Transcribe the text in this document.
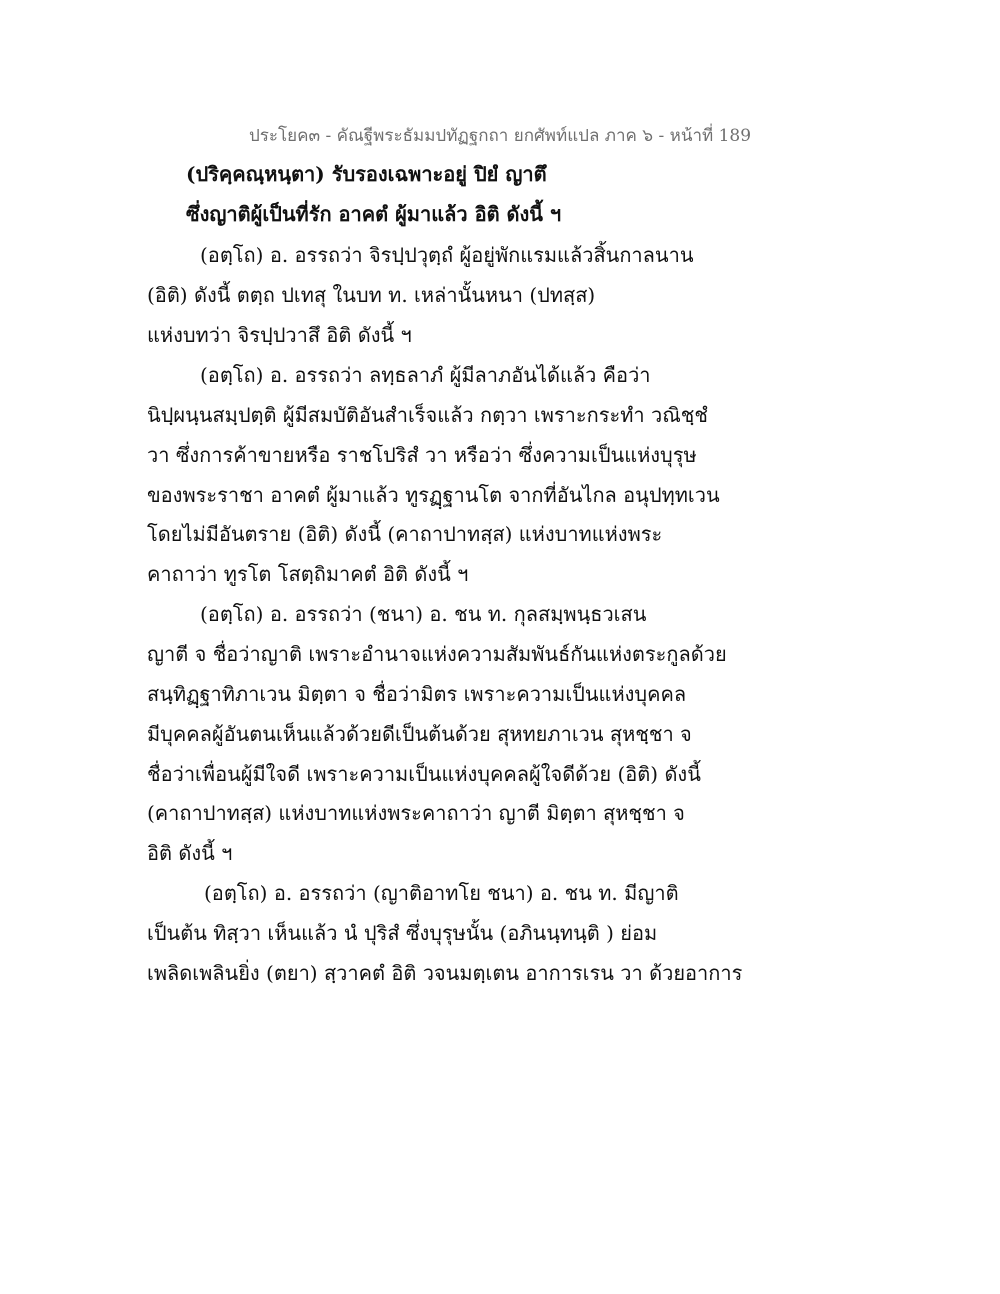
ประโยค๓ - คัณฐีพระธัมมปทัฏฐกถา ยกศัพท์แปล ภาค ๖ - หน้าที่ 189
(ปริคฺคณฺหนฺตา) รับรองเฉพาะอยู่ ปิยํ ญาตึ
ซึ่งญาติผู้เป็นที่รัก อาคตํ ผู้มาแล้ว อิติ ดังนี้ ฯ
(อตฺโถ) อ. อรรถว่า จิรปฺปวุตฺถํ ผู้อยู่พักแรมแล้วสิ้นกาลนาน
(อิติ) ดังนี้ ตตฺถ ปเทสุ ในบท ท. เหล่านั้นหนา (ปทสฺส)
แห่งบทว่า จิรปฺปวาสึ อิติ ดังนี้ ฯ
(อตฺโถ) อ. อรรถว่า ลทฺธลาภํ ผู้มีลาภอันได้แล้ว คือว่า
นิปฺผนฺนสมฺปตฺติ ผู้มีสมบัติอันสำเร็จแล้ว กตฺวา เพราะกระทำ วณิชฺชํ
วา ซึ่งการค้าขายหรือ ราชโปริสํ วา หรือว่า ซึ่งความเป็นแห่งบุรุษ
ของพระราชา อาคตํ ผู้มาแล้ว ทูรฏฺฐานโต จากที่อันไกล อนุปทฺทเวน
โดยไม่มีอันตราย (อิติ) ดังนี้ (คาถาปาทสฺส) แห่งบาทแห่งพระ
คาถาว่า ทูรโต โสตฺถิมาคตํ อิติ ดังนี้ ฯ
(อตฺโถ) อ. อรรถว่า (ชนา) อ. ชน ท. กุลสมฺพนฺธวเสน
ญาตี จ ชื่อว่าญาติ เพราะอำนาจแห่งความสัมพันธ์กันแห่งตระกูลด้วย
สนฺทิฏฺฐาทิภาเวน มิตฺตา จ ชื่อว่ามิตร เพราะความเป็นแห่งบุคคล
มีบุคคลผู้อันตนเห็นแล้วด้วยดีเป็นต้นด้วย สุหทยภาเวน สุหชฺชา จ
ชื่อว่าเพื่อนผู้มีใจดี เพราะความเป็นแห่งบุคคลผู้ใจดีด้วย (อิติ) ดังนี้
(คาถาปาทสฺส) แห่งบาทแห่งพระคาถาว่า ญาตี มิตฺตา สุหชฺชา จ
อิติ ดังนี้ ฯ
(อตฺโถ) อ. อรรถว่า (ญาติอาทโย ชนา) อ. ชน ท. มีญาติ
เป็นต้น ทิสฺวา เห็นแล้ว นํ ปุริสํ ซึ่งบุรุษนั้น (อภินนฺทนฺติ ) ย่อม
เพลิดเพลินยิ่ง (ตยา) สฺวาคตํ อิติ วจนมตฺเตน อาการเรน วา ด้วยอาการ
